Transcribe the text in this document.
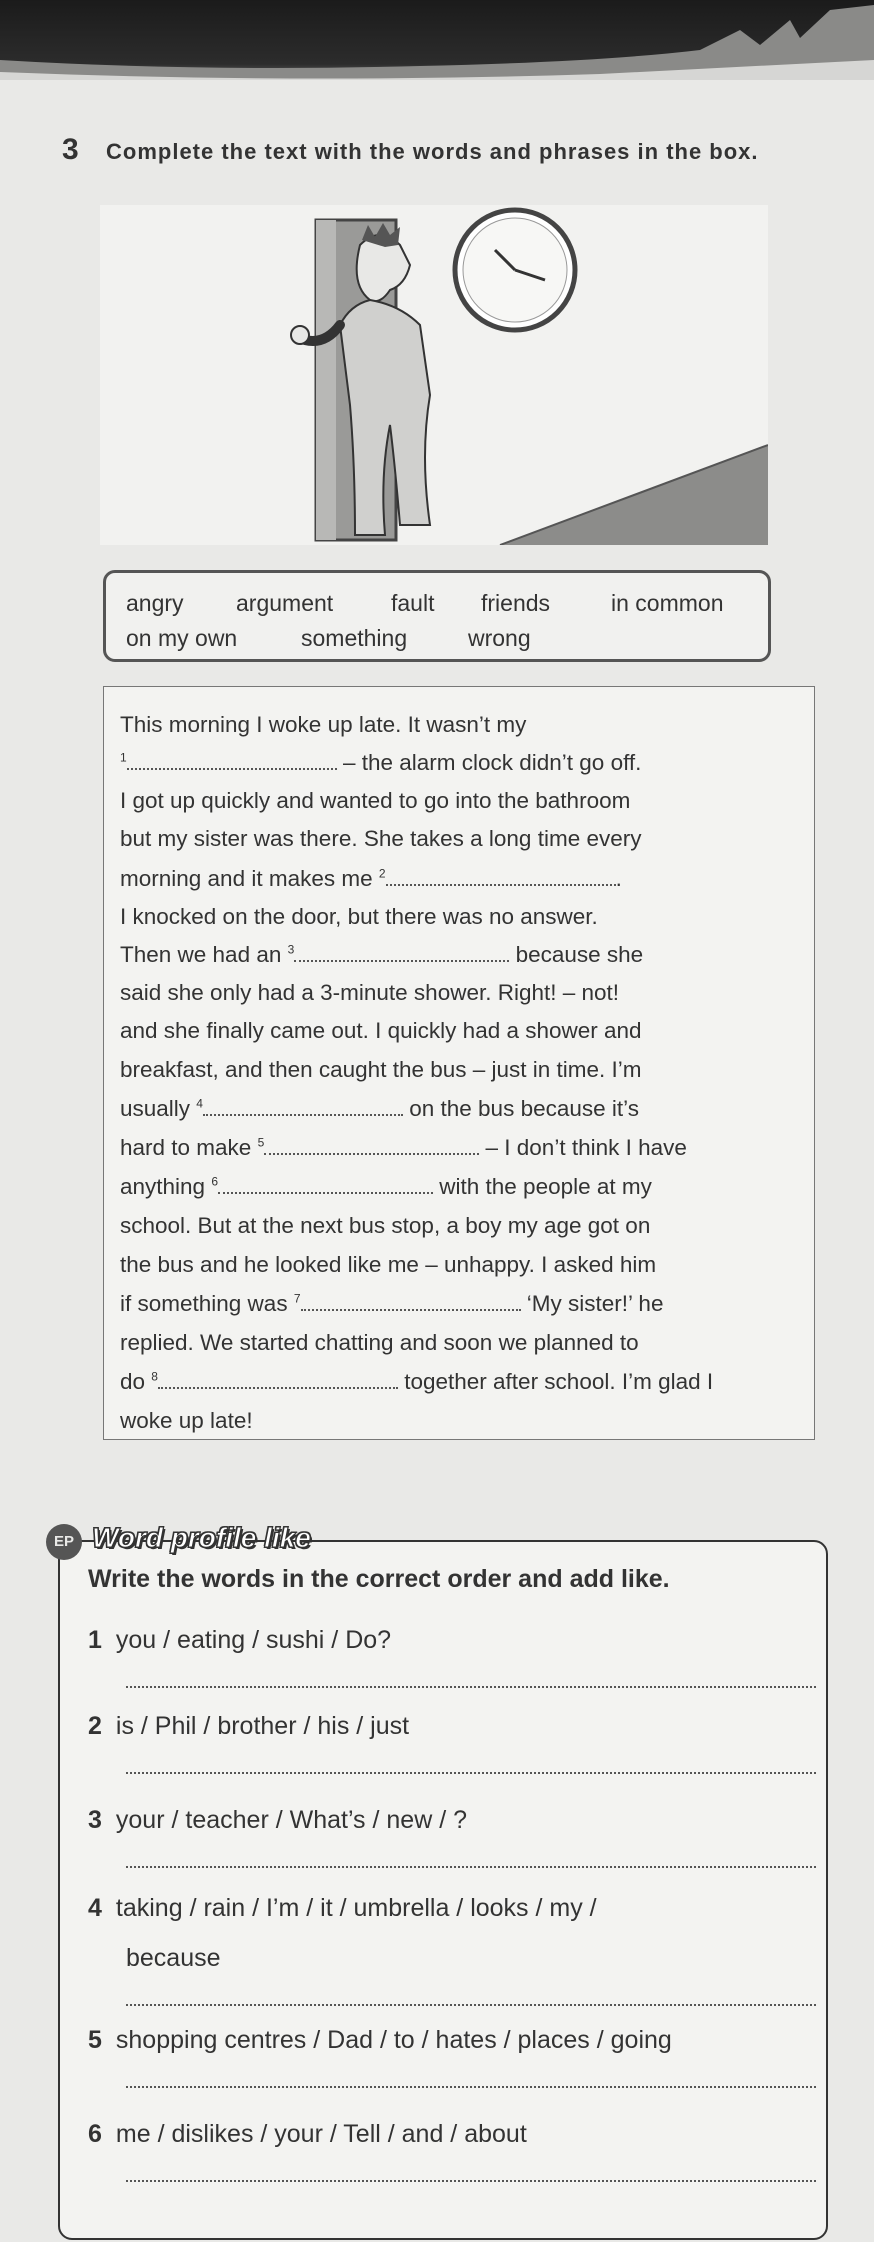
3 Complete the text with the words and phrases in the box.
angry argument	fault friends	in common
on my own	something	wrong
This morning I woke up late. It wasn’t my
$^1$	– the alarm clock didn’t go off.
I got up quickly and wanted to go into the bathroom
but my sister was there. She takes a long time every
morning and it makes me $^2$	.
I knocked on the door, but there was no answer.
Then we had an $^3$	because she
said she only had a 3-minute shower. Right! – not!
and she finally came out. I quickly had a shower and
breakfast, and then caught the bus – just in time. I’m
usually $^4$	on the bus because it’s
hard to make $^5$	– I don’t think I have
anything $^6$	with the people at my
school. But at the next bus stop, a boy my age got on
the bus and he looked like me – unhappy. I asked him
if something was $^7$	‘My sister!’ he
replied. We started chatting and soon we planned to
do $^8$	together after school. I’m glad I
woke up late!
EP Word profile like
Write the words in the correct order and add like.
1 you / eating / sushi / Do?
2 is / Phil / brother / his / just
3 your / teacher / What’s / new / ?
4 taking / rain / I’m / it / umbrella / looks / my /
because
5 shopping centres / Dad / to / hates / places / going
6 me / dislikes / your / Tell / and / about
